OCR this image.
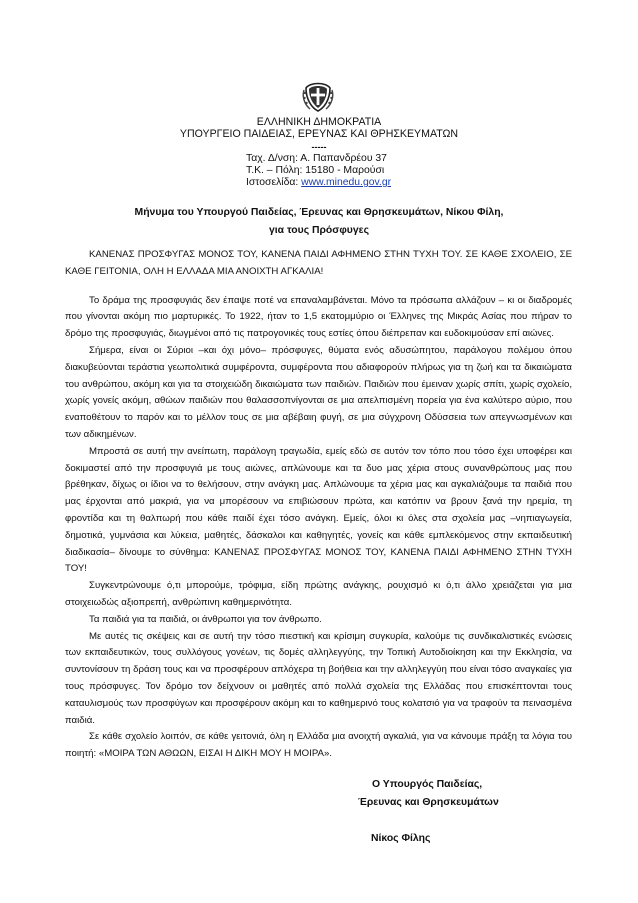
ΕΛΛΗΝΙΚΗ ΔΗΜΟΚΡΑΤΙΑ
ΥΠΟΥΡΓΕΙΟ ΠΑΙΔΕΙΑΣ, ΕΡΕΥΝΑΣ ΚΑΙ ΘΡΗΣΚΕΥΜΑΤΩΝ
-----
Ταχ. Δ/νση: Α. Παπανδρέου 37
Τ.Κ. – Πόλη: 15180 - Μαρούσι
Ιστοσελίδα: www.minedu.gov.gr
Μήνυμα του Υπουργού Παιδείας, Έρευνας και Θρησκευμάτων, Νίκου Φίλη,
για τους Πρόσφυγες

ΚΑΝΕΝΑΣ ΠΡΟΣΦΥΓΑΣ ΜΟΝΟΣ ΤΟΥ, ΚΑΝΕΝΑ ΠΑΙΔΙ ΑΦΗΜΕΝΟ ΣΤΗΝ ΤΥΧΗ ΤΟΥ. ΣΕ ΚΑΘΕ ΣΧΟΛΕΙΟ, ΣΕ ΚΑΘΕ ΓΕΙΤΟΝΙΑ, ΟΛΗ Η ΕΛΛΑΔΑ ΜΙΑ ΑΝΟΙΧΤΗ ΑΓΚΑΛΙΑ!

Το δράμα της προσφυγιάς δεν έπαψε ποτέ να επαναλαμβάνεται. Μόνο τα πρόσωπα αλλάζουν – κι οι διαδρομές που γίνονται ακόμη πιο μαρτυρικές. Το 1922, ήταν το 1,5 εκατομμύριο οι Έλληνες της Μικράς Ασίας που πήραν το δρόμο της προσφυγιάς, διωγμένοι από τις πατρογονικές τους εστίες όπου διέπρεπαν και ευδοκιμούσαν επί αιώνες.

Σήμερα, είναι οι Σύριοι –και όχι μόνο– πρόσφυγες, θύματα ενός αδυσώπητου, παράλογου πολέμου όπου διακυβεύονται τεράστια γεωπολιτικά συμφέροντα, συμφέροντα που αδιαφορούν πλήρως για τη ζωή και τα δικαιώματα του ανθρώπου, ακόμη και για τα στοιχειώδη δικαιώματα των παιδιών. Παιδιών που έμειναν χωρίς σπίτι, χωρίς σχολείο, χωρίς γονείς ακόμη, αθώων παιδιών που θαλασσοπνίγονται σε μια απελπισμένη πορεία για ένα καλύτερο αύριο, που εναποθέτουν το παρόν και το μέλλον τους σε μια αβέβαιη φυγή, σε μια σύγχρονη Οδύσσεια των απεγνωσμένων και των αδικημένων.

Μπροστά σε αυτή την ανείπωτη, παράλογη τραγωδία, εμείς εδώ σε αυτόν τον τόπο που τόσο έχει υποφέρει και δοκιμαστεί από την προσφυγιά με τους αιώνες, απλώνουμε και τα δυο μας χέρια στους συνανθρώπους μας που βρέθηκαν, δίχως οι ίδιοι να το θελήσουν, στην ανάγκη μας. Απλώνουμε τα χέρια μας και αγκαλιάζουμε τα παιδιά που μας έρχονται από μακριά, για να μπορέσουν να επιβιώσουν πρώτα, και κατόπιν να βρουν ξανά την ηρεμία, τη φροντίδα και τη θαλπωρή που κάθε παιδί έχει τόσο ανάγκη. Εμείς, όλοι κι όλες στα σχολεία μας –νηπιαγωγεία, δημοτικά, γυμνάσια και λύκεια, μαθητές, δάσκαλοι και καθηγητές, γονείς και κάθε εμπλεκόμενος στην εκπαιδευτική διαδικασία– δίνουμε το σύνθημα: ΚΑΝΕΝΑΣ ΠΡΟΣΦΥΓΑΣ ΜΟΝΟΣ ΤΟΥ, ΚΑΝΕΝΑ ΠΑΙΔΙ ΑΦΗΜΕΝΟ ΣΤΗΝ ΤΥΧΗ ΤΟΥ!

Συγκεντρώνουμε ό,τι μπορούμε, τρόφιμα, είδη πρώτης ανάγκης, ρουχισμό κι ό,τι άλλο χρειάζεται για μια στοιχειωδώς αξιοπρεπή, ανθρώπινη καθημερινότητα.

Τα παιδιά για τα παιδιά, οι άνθρωποι για τον άνθρωπο.

Με αυτές τις σκέψεις και σε αυτή την τόσο πιεστική και κρίσιμη συγκυρία, καλούμε τις συνδικαλιστικές ενώσεις των εκπαιδευτικών, τους συλλόγους γονέων, τις δομές αλληλεγγύης, την Τοπική Αυτοδιοίκηση και την Εκκλησία, να συντονίσουν τη δράση τους και να προσφέρουν απλόχερα τη βοήθεια και την αλληλεγγύη που είναι τόσο αναγκαίες για τους πρόσφυγες. Τον δρόμο τον δείχνουν οι μαθητές από πολλά σχολεία της Ελλάδας που επισκέπτονται τους καταυλισμούς των προσφύγων και προσφέρουν ακόμη και το καθημερινό τους κολατσιό για να τραφούν τα πεινασμένα παιδιά.

Σε κάθε σχολείο λοιπόν, σε κάθε γειτονιά, όλη η Ελλάδα μια ανοιχτή αγκαλιά, για να κάνουμε πράξη τα λόγια του ποιητή: «ΜΟΙΡΑ ΤΩΝ ΑΘΩΩΝ, ΕΙΣΑΙ Η ΔΙΚΗ ΜΟΥ Η ΜΟΙΡΑ».

Ο Υπουργός Παιδείας,
Έρευνας και Θρησκευμάτων
Νίκος Φίλης
